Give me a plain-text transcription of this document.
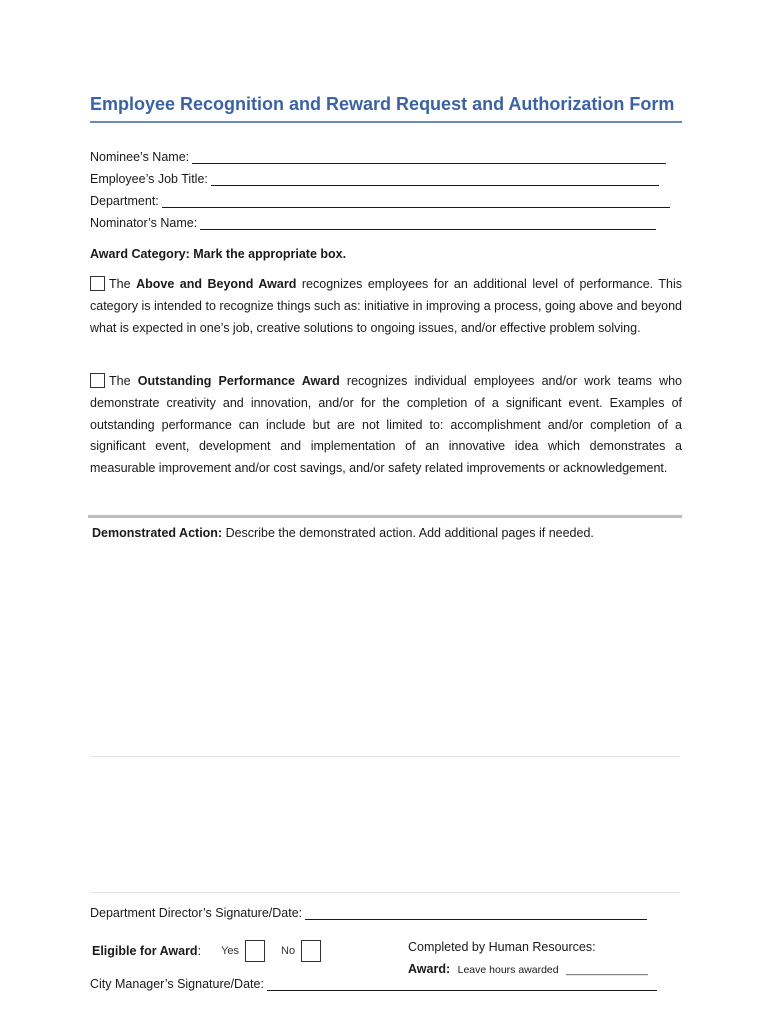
Employee Recognition and Reward Request and Authorization Form
Nominee’s Name:
Employee’s Job Title:
Department:
Nominator’s Name:
Award Category: Mark the appropriate box.
The Above and Beyond Award recognizes employees for an additional level of performance. This category is intended to recognize things such as: initiative in improving a process, going above and beyond what is expected in one’s job, creative solutions to ongoing issues, and/or effective problem solving.
The Outstanding Performance Award recognizes individual employees and/or work teams who demonstrate creativity and innovation, and/or for the completion of a significant event. Examples of outstanding performance can include but are not limited to: accomplishment and/or completion of a significant event, development and implementation of an innovative idea which demonstrates a measurable improvement and/or cost savings, and/or safety related improvements or acknowledgement.
Demonstrated Action: Describe the demonstrated action. Add additional pages if needed.
Department Director’s Signature/Date:
Eligible for Award : Yes	No	Completed by Human Resources:
Award: Leave hours awarded ______________
City Manager’s Signature/Date:
